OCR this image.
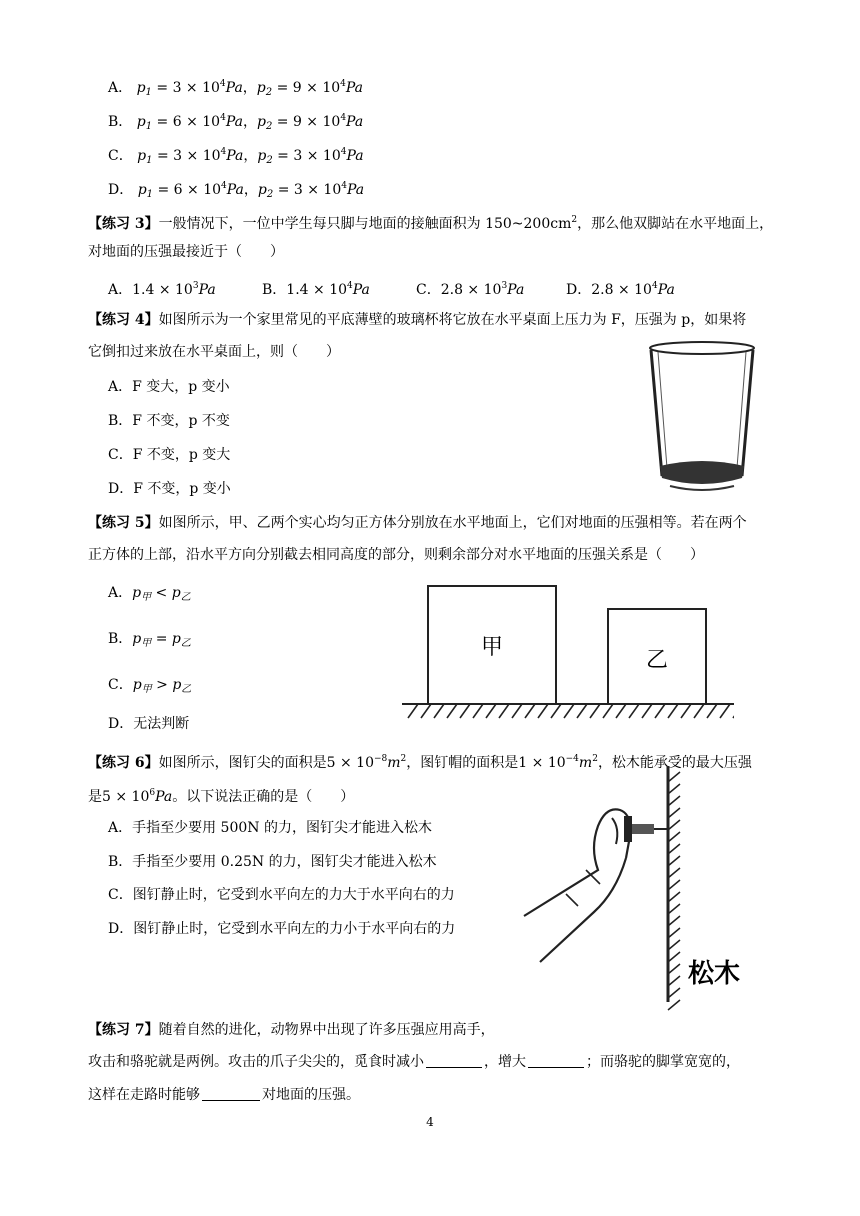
A． $p_1 = 3 \times 10^4Pa$，$p_2 = 9 \times 10^4Pa$
B． $p_1 = 6 \times 10^4Pa$，$p_2 = 9 \times 10^4Pa$
C． $p_1 = 3 \times 10^4Pa$，$p_2 = 3 \times 10^4Pa$
D． $p_1 = 6 \times 10^4Pa$，$p_2 = 3 \times 10^4Pa$
【练习 3】一般情况下，一位中学生每只脚与地面的接触面积为 $150\sim 200cm^2$，那么他双脚站在水平地面上，
对地面的压强最接近于（　　）
A．$1.4 \times 10^3Pa$	B．$1.4 \times 10^4Pa$	C．$2.8 \times 10^3Pa$	D．$2.8 \times 10^4Pa$
【练习 4】如图所示为一个家里常见的平底薄壁的玻璃杯将它放在水平桌面上压力为 F，压强为 p，如果将
它倒扣过来放在水平桌面上，则（　　）
A．F 变大，p 变小
B．F 不变，p 不变
C．F 不变，p 变大
D．F 不变，p 变小
【练习 5】如图所示，甲、乙两个实心均匀正方体分别放在水平地面上，它们对地面的压强相等。若在两个
正方体的上部，沿水平方向分别截去相同高度的部分，则剩余部分对水平地面的压强关系是（　　）
A．$p_甲 < p_乙$
B．$p_甲 = p_乙$
C．$p_甲 > p_乙$
D．无法判断
甲
乙
【练习 6】如图所示，图钉尖的面积是$5 \times 10^{-8}m^2$，图钉帽的面积是$1 \times 10^{-4}m^2$，松木能承受的最大压强
是$5 \times 10^6Pa$。以下说法正确的是（　　）
A．手指至少要用 500N 的力，图钉尖才能进入松木
B．手指至少要用 0.25N 的力，图钉尖才能进入松木
C．图钉静止时，它受到水平向左的力大于水平向右的力
D．图钉静止时，它受到水平向左的力小于水平向右的力
松木
【练习 7】随着自然的进化，动物界中出现了许多压强应用高手，
攻击和骆驼就是两例。攻击的爪子尖尖的，觅食时减小	，增大	；而骆驼的脚掌宽宽的，
这样在走路时能够	对地面的压强。
4
